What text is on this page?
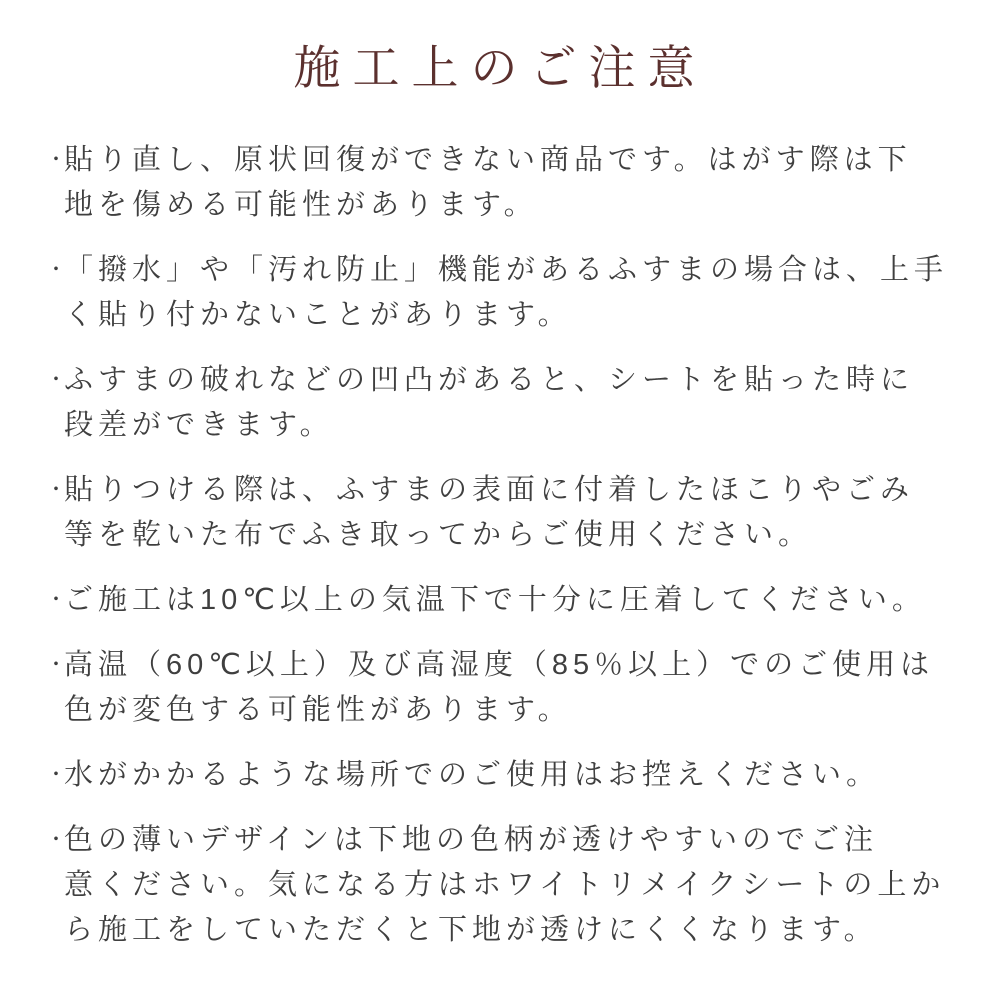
施工上のご注意
・
貼り直し、原状回復ができない商品です。はがす際は下
地を傷める可能性があります。
・
「撥水」や「汚れ防止」機能があるふすまの場合は、上手
く貼り付かないことがあります。
・
ふすまの破れなどの凹凸があると、シートを貼った時に
段差ができます。
・
貼りつける際は、ふすまの表面に付着したほこりやごみ
等を乾いた布でふき取ってからご使用ください。
・
ご施工は10℃以上の気温下で十分に圧着してください。
・
高温（60℃以上）及び高湿度（85％以上）でのご使用は
色が変色する可能性があります。
・
水がかかるような場所でのご使用はお控えください。
・
色の薄いデザインは下地の色柄が透けやすいのでご注
意ください。気になる方はホワイトリメイクシートの上か
ら施工をしていただくと下地が透けにくくなります。
